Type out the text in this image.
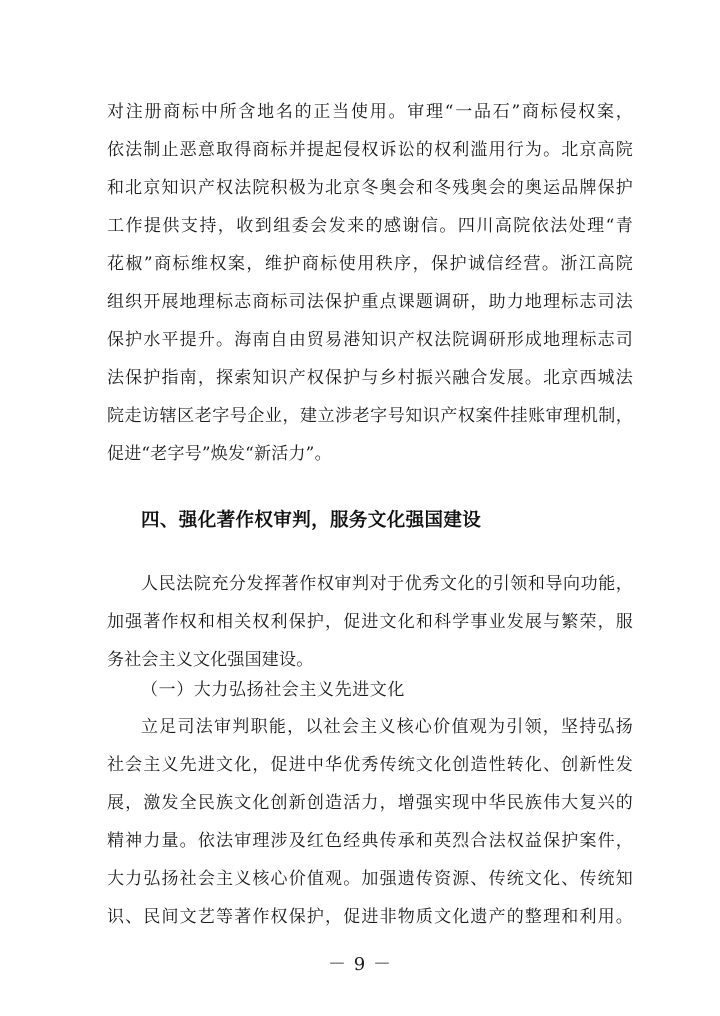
对注册商标中所含地名的正当使用。审理“一品石”商标侵权案，
依法制止恶意取得商标并提起侵权诉讼的权利滥用行为。北京高院
和北京知识产权法院积极为北京冬奥会和冬残奥会的奥运品牌保护
工作提供支持，收到组委会发来的感谢信。四川高院依法处理“青
花椒”商标维权案，维护商标使用秩序，保护诚信经营。浙江高院
组织开展地理标志商标司法保护重点课题调研，助力地理标志司法
保护水平提升。海南自由贸易港知识产权法院调研形成地理标志司
法保护指南，探索知识产权保护与乡村振兴融合发展。北京西城法
院走访辖区老字号企业，建立涉老字号知识产权案件挂账审理机制，
促进“老字号”焕发“新活力”。
四、强化著作权审判，服务文化强国建设
人民法院充分发挥著作权审判对于优秀文化的引领和导向功能，
加强著作权和相关权利保护，促进文化和科学事业发展与繁荣，服
务社会主义文化强国建设。
（一）大力弘扬社会主义先进文化
立足司法审判职能，以社会主义核心价值观为引领，坚持弘扬
社会主义先进文化，促进中华优秀传统文化创造性转化、创新性发
展，激发全民族文化创新创造活力，增强实现中华民族伟大复兴的
精神力量。依法审理涉及红色经典传承和英烈合法权益保护案件，
大力弘扬社会主义核心价值观。加强遗传资源、传统文化、传统知
识、民间文艺等著作权保护，促进非物质文化遗产的整理和利用。
－ 9 －
